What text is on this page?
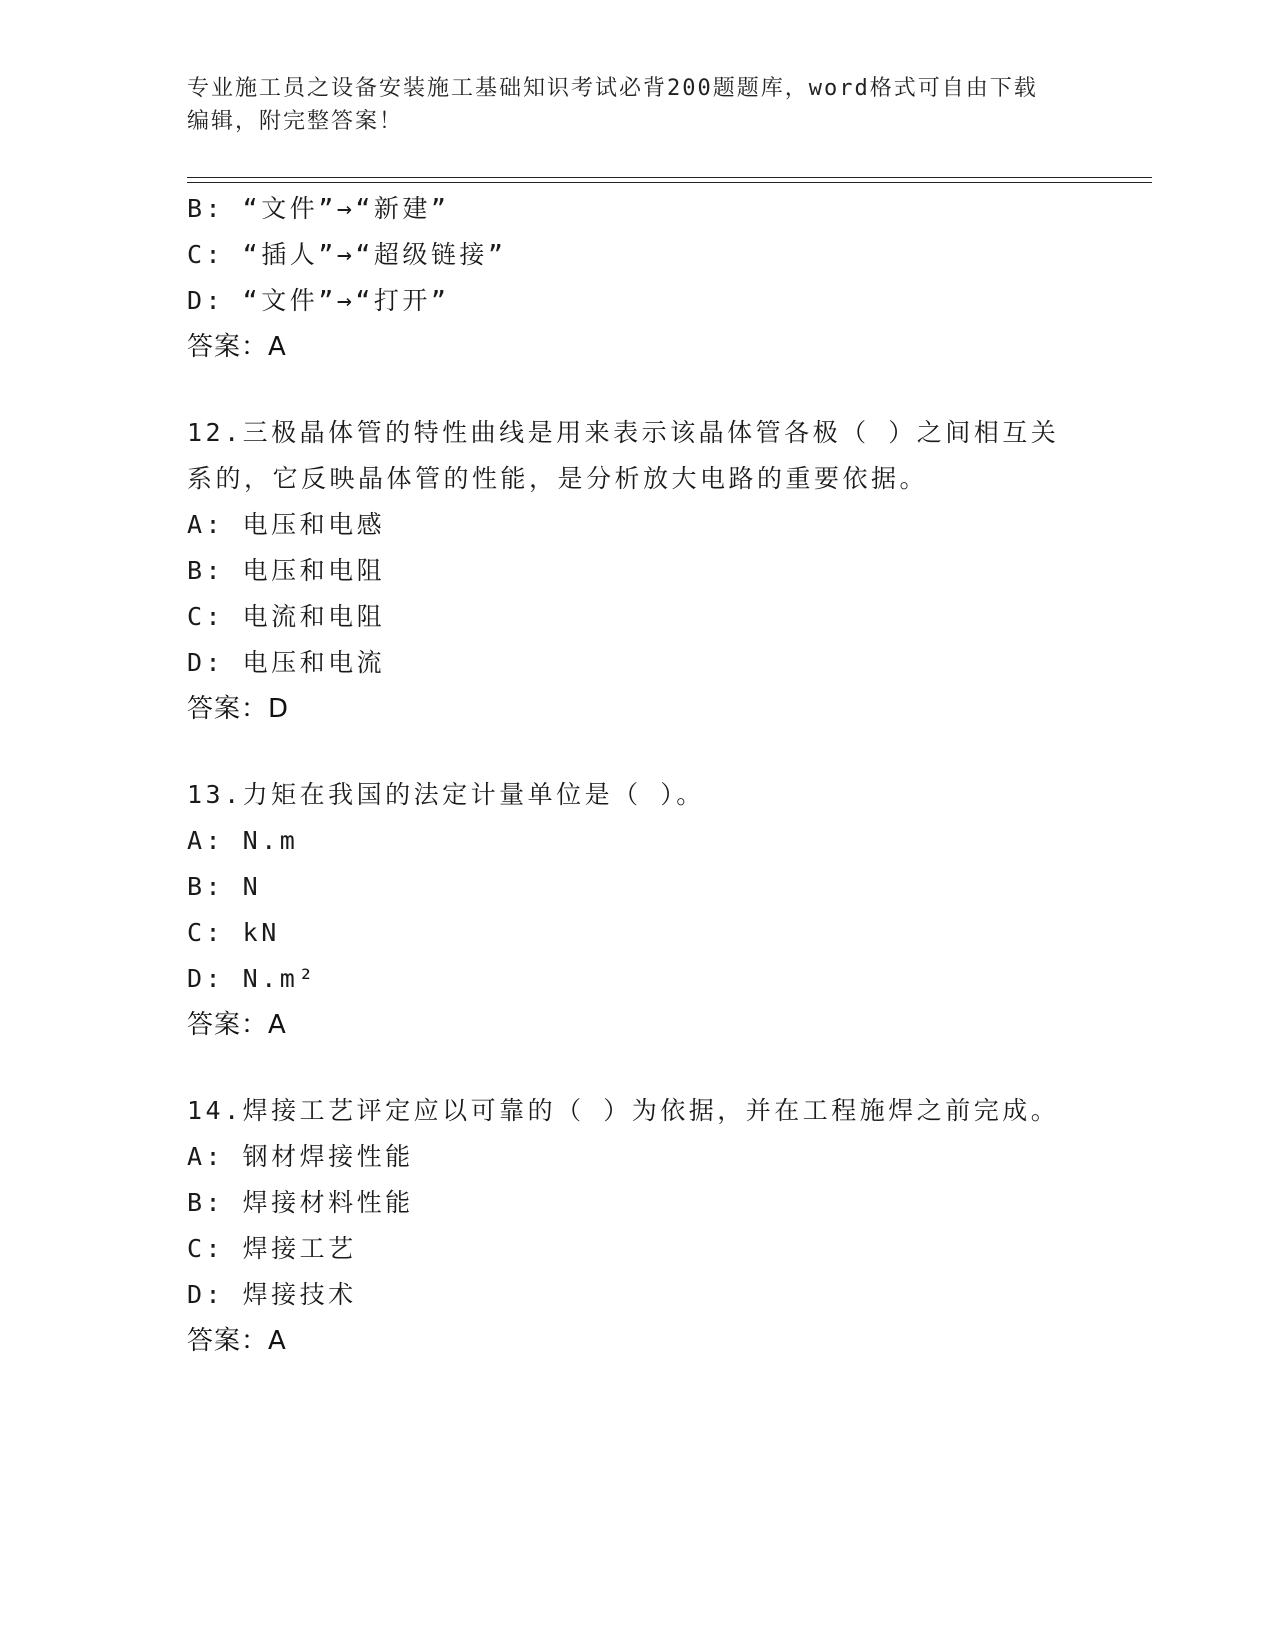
专业施工员之设备安装施工基础知识考试必背200题题库，word格式可自由下载
编辑，附完整答案！
B: “文件”→“新建”
C: “插人”→“超级链接”
D: “文件”→“打开”
答案：A
12.三极晶体管的特性曲线是用来表示该晶体管各极（ ）之间相互关
系的，它反映晶体管的性能，是分析放大电路的重要依据。
A: 电压和电感
B: 电压和电阻
C: 电流和电阻
D: 电压和电流
答案：D
13.力矩在我国的法定计量单位是（ ）。
A: N.m
B: N
C: kN
D: N.m²
答案：A
14.焊接工艺评定应以可靠的（ ）为依据，并在工程施焊之前完成。
A: 钢材焊接性能
B: 焊接材料性能
C: 焊接工艺
D: 焊接技术
答案：A
